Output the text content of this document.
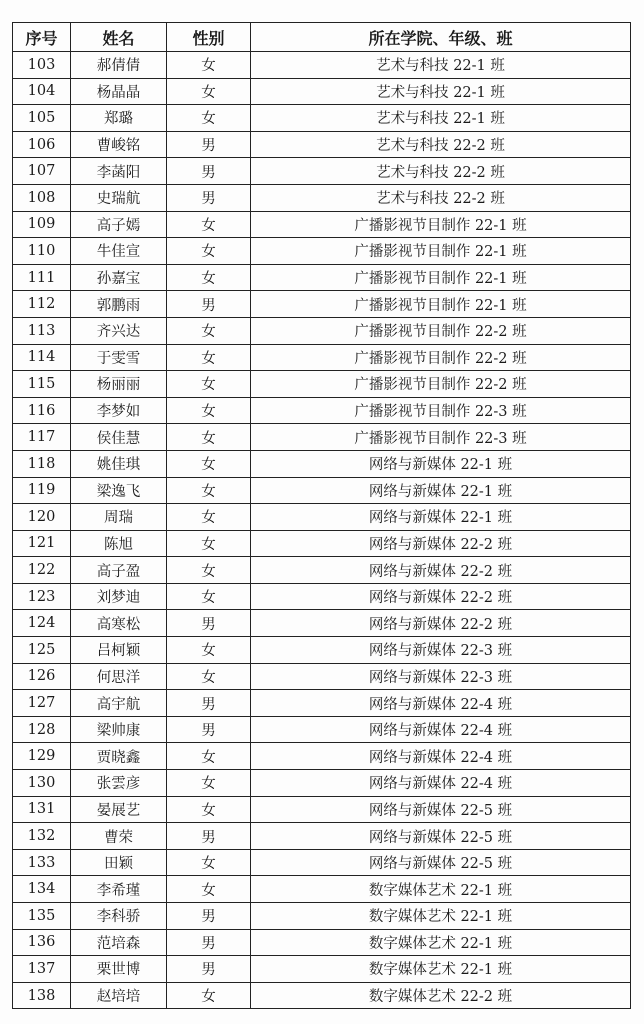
序号	姓名	性别	所在学院、年级、班
103	郝倩倩	女	艺术与科技 22-1 班
104	杨晶晶	女	艺术与科技 22-1 班
105	郑璐	女	艺术与科技 22-1 班
106	曹峻铭	男	艺术与科技 22-2 班
107	李菡阳	男	艺术与科技 22-2 班
108	史瑞航	男	艺术与科技 22-2 班
109	高子嫣	女	广播影视节目制作 22-1 班
110	牛佳宣	女	广播影视节目制作 22-1 班
111	孙嘉宝	女	广播影视节目制作 22-1 班
112	郭鹏雨	男	广播影视节目制作 22-1 班
113	齐兴达	女	广播影视节目制作 22-2 班
114	于雯雪	女	广播影视节目制作 22-2 班
115	杨丽丽	女	广播影视节目制作 22-2 班
116	李梦如	女	广播影视节目制作 22-3 班
117	侯佳慧	女	广播影视节目制作 22-3 班
118	姚佳琪	女	网络与新媒体 22-1 班
119	梁逸飞	女	网络与新媒体 22-1 班
120	周瑞	女	网络与新媒体 22-1 班
121	陈旭	女	网络与新媒体 22-2 班
122	高子盈	女	网络与新媒体 22-2 班
123	刘梦迪	女	网络与新媒体 22-2 班
124	高寒松	男	网络与新媒体 22-2 班
125	吕柯颖	女	网络与新媒体 22-3 班
126	何思洋	女	网络与新媒体 22-3 班
127	高宇航	男	网络与新媒体 22-4 班
128	梁帅康	男	网络与新媒体 22-4 班
129	贾晓鑫	女	网络与新媒体 22-4 班
130	张雲彦	女	网络与新媒体 22-4 班
131	晏展艺	女	网络与新媒体 22-5 班
132	曹荣	男	网络与新媒体 22-5 班
133	田颖	女	网络与新媒体 22-5 班
134	李希瑾	女	数字媒体艺术 22-1 班
135	李科骄	男	数字媒体艺术 22-1 班
136	范培森	男	数字媒体艺术 22-1 班
137	栗世博	男	数字媒体艺术 22-1 班
138	赵培培	女	数字媒体艺术 22-2 班
